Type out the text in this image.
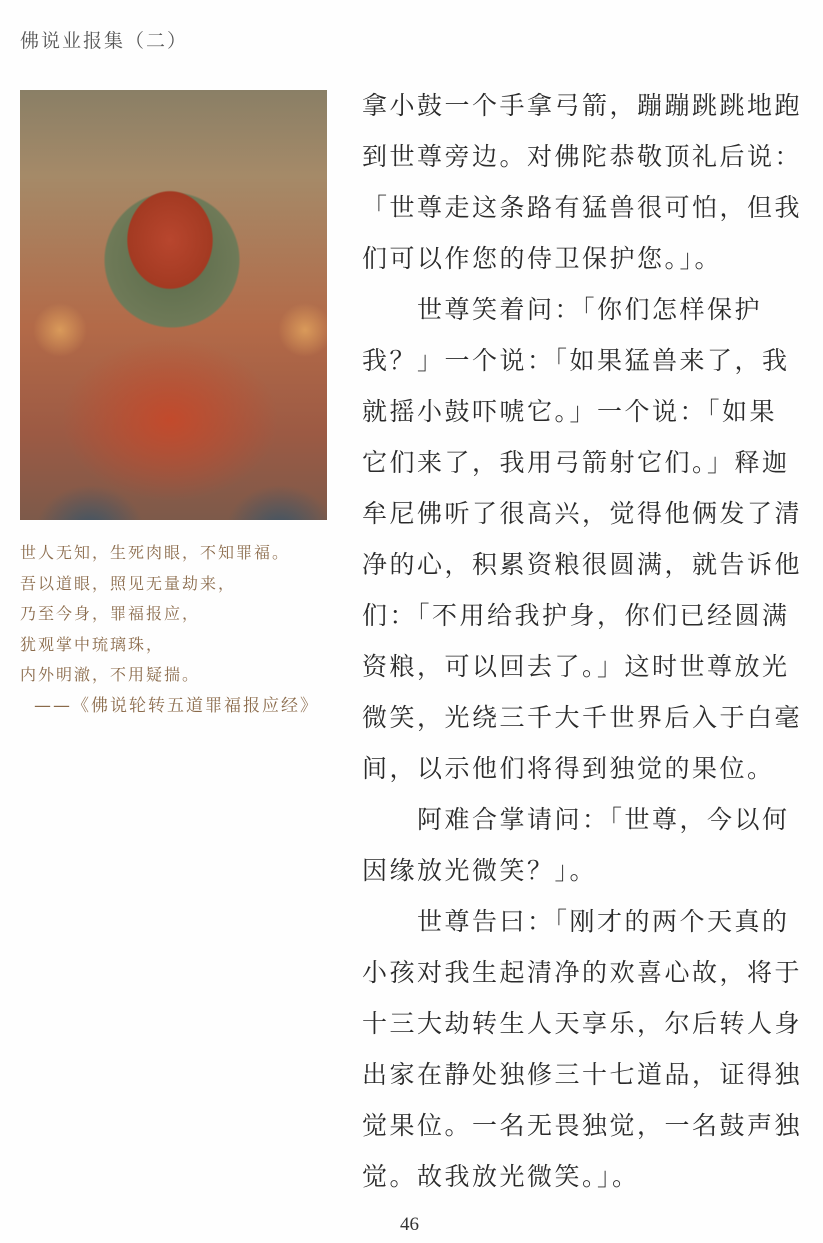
佛说业报集（二）
世人无知，生死肉眼，不知罪福。
吾以道眼，照见无量劫来，
乃至今身，罪福报应，
犹观掌中琉璃珠，
内外明澈，不用疑揣。
——《佛说轮转五道罪福报应经》
拿小鼓一个手拿弓箭，蹦蹦跳跳地跑
到世尊旁边。对佛陀恭敬顶礼后说：
「世尊走这条路有猛兽很可怕，但我
们可以作您的侍卫保护您。」。
世尊笑着问：「你们怎样保护
我？」一个说：「如果猛兽来了，我
就摇小鼓吓唬它。」一个说：「如果
它们来了，我用弓箭射它们。」释迦
牟尼佛听了很高兴，觉得他俩发了清
净的心，积累资粮很圆满，就告诉他
们：「不用给我护身，你们已经圆满
资粮，可以回去了。」这时世尊放光
微笑，光绕三千大千世界后入于白毫
间，以示他们将得到独觉的果位。
阿难合掌请问：「世尊，今以何
因缘放光微笑？」。
世尊告曰：「刚才的两个天真的
小孩对我生起清净的欢喜心故，将于
十三大劫转生人天享乐，尔后转人身
出家在静处独修三十七道品，证得独
觉果位。一名无畏独觉，一名鼓声独
觉。故我放光微笑。」。
46
